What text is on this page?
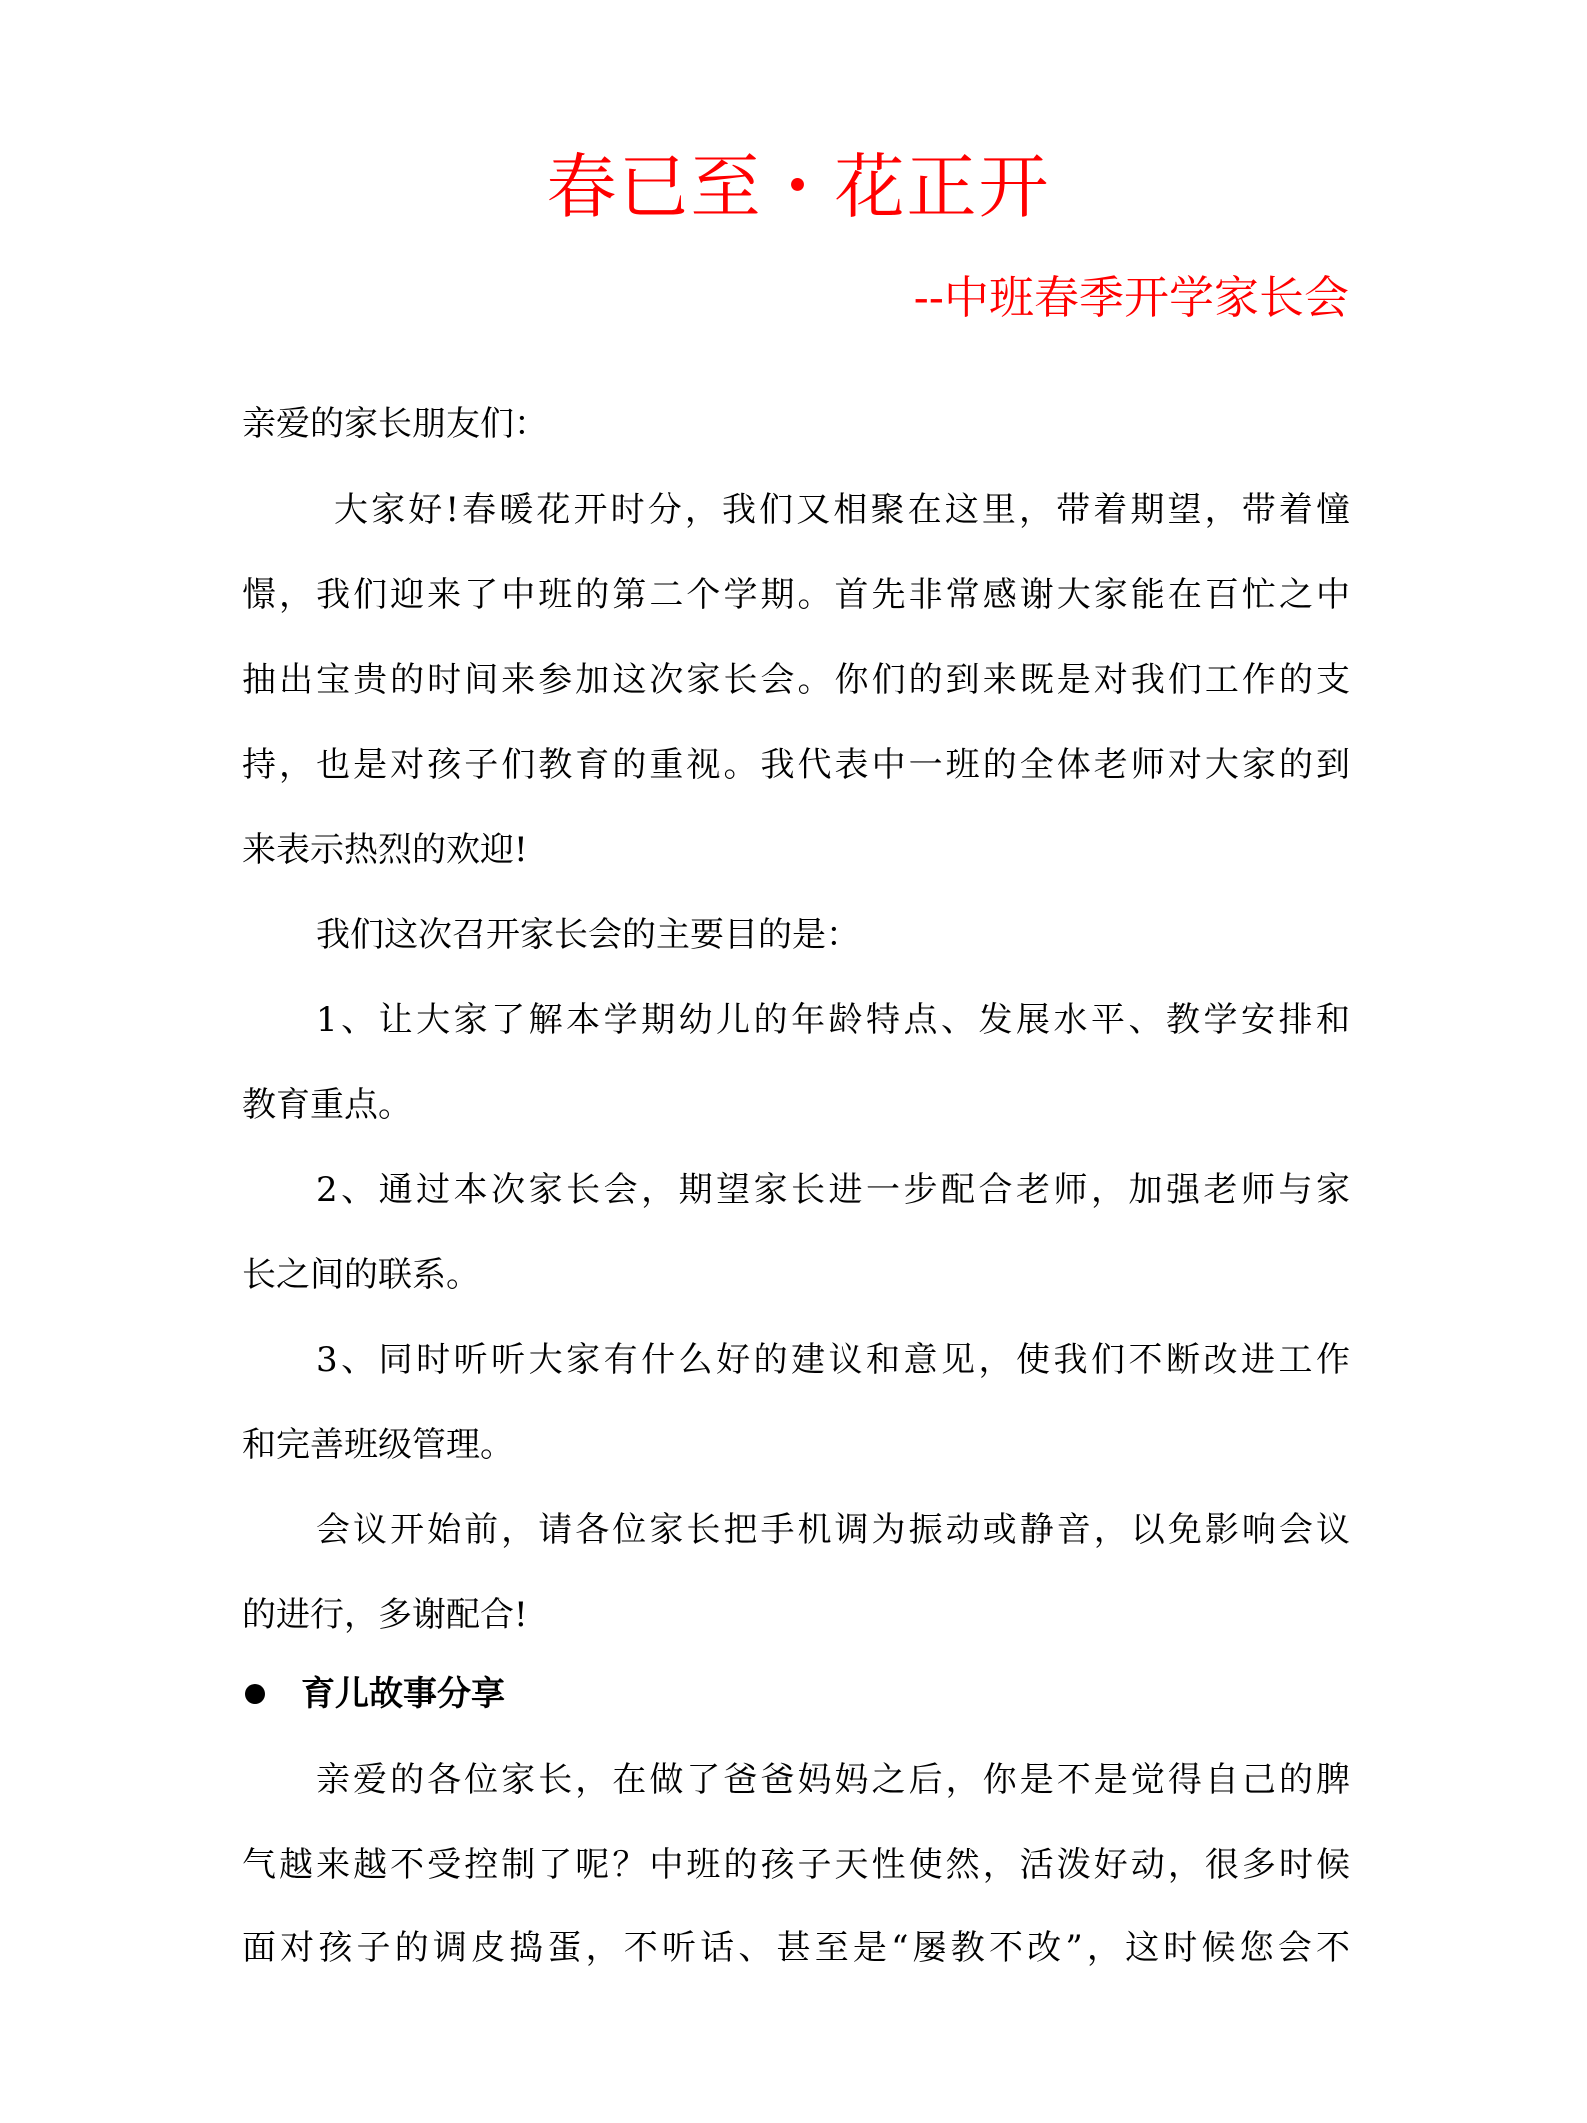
春已至・花正开
--中班春季开学家长会
亲爱的家长朋友们：
大家好!春暖花开时分，我们又相聚在这里，带着期望，带着憧
憬，我们迎来了中班的第二个学期。首先非常感谢大家能在百忙之中
抽出宝贵的时间来参加这次家长会。你们的到来既是对我们工作的支
持，也是对孩子们教育的重视。我代表中一班的全体老师对大家的到
来表示热烈的欢迎!
我们这次召开家长会的主要目的是：
1、让大家了解本学期幼儿的年龄特点、发展水平、教学安排和
教育重点。
2、通过本次家长会，期望家长进一步配合老师，加强老师与家
长之间的联系。
3、同时听听大家有什么好的建议和意见，使我们不断改进工作
和完善班级管理。
会议开始前，请各位家长把手机调为振动或静音，以免影响会议
的进行，多谢配合!
育儿故事分享
亲爱的各位家长，在做了爸爸妈妈之后，你是不是觉得自己的脾
气越来越不受控制了呢？中班的孩子天性使然，活泼好动，很多时候
面对孩子的调皮捣蛋，不听话、甚至是“屡教不改”，这时候您会不
